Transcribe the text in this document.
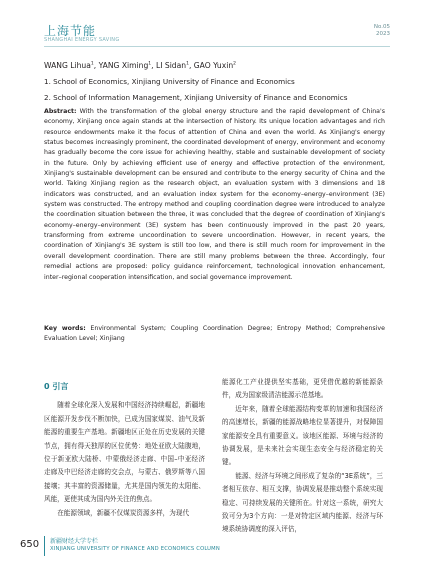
上海节能
SHANGHAI ENERGY SAVING
No.05
2023
WANG Lihua$^1$, YANG Ximing$^1$, LI Sidan$^1$, GAO Yuxin$^2$
1. School of Economics, Xinjiang University of Finance and Economics
2. School of Information Management, Xinjiang University of Finance and Economics
Abstract: With the transformation of the global energy structure and the rapid development of China's economy, Xinjiang once again stands at the intersection of history. Its unique location advantages and rich resource endowments make it the focus of attention of China and even the world. As Xinjiang's energy status becomes increasingly prominent, the coordinated development of energy, environment and economy has gradually become the core issue for achieving healthy, stable and sustainable development of society in the future. Only by achieving efficient use of energy and effective protection of the environment, Xinjiang's sustainable development can be ensured and contribute to the energy security of China and the world. Taking Xinjiang region as the research object, an evaluation system with 3 dimensions and 18 indicators was constructed, and an evaluation index system for the economy–energy–environment (3E) system was constructed. The entropy method and coupling coordination degree were introduced to analyze the coordination situation between the three, it was concluded that the degree of coordination of Xinjiang's economy–energy–environment (3E) system has been continuously improved in the past 20 years, transforming from extreme uncoordination to severe uncoordination. However, in recent years, the coordination of Xinjiang's 3E system is still too low, and there is still much room for improvement in the overall development coordination. There are still many problems between the three. Accordingly, four remedial actions are proposed: policy guidance reinforcement, technological innovation enhancement, inter–regional cooperation intensification, and social governance improvement.
Key words: Environmental System; Coupling Coordination Degree; Entropy Method; Comprehensive Evaluation Level; Xinjiang
0 引言

随着全球化深入发展和中国经济持续崛起，新疆地区能源开发步伐不断加快，已成为国家煤炭、油气及新能源的重要生产基地。新疆地区正处在历史发展的关键节点，拥有得天独厚的区位优势：地处亚欧大陆腹地，位于新亚欧大陆桥、中蒙俄经济走廊、中国–中亚经济走廊及中巴经济走廊的交会点，与蒙古、俄罗斯等八国接壤；其丰富的资源储量，尤其是国内领先的太阳能、风能，更使其成为国内外关注的焦点。

在能源领域，新疆不仅煤炭资源多样，为现代

能源化工产业提供坚实基础，更凭借优越的新能源条件，成为国家级清洁能源示范基地。

近年来，随着全球能源结构变革的加速和我国经济的高速增长，新疆的能源战略地位显著提升，对保障国家能源安全具有重要意义。该地区能源、环境与经济的协调发展，是未来社会实现生态安全与经济稳定的关键。

能源、经济与环境之间形成了复杂的“3E系统”，三者相互依存、相互支撑，协调发展是推动整个系统实现稳定、可持续发展的关键所在。针对这一系统，研究大致可分为3个方向：一是对特定区域内能源、经济与环境系统协调度的深入评估，

650 新疆财经大学专栏
XINJIANG UNIVERSITY OF FINANCE AND ECONOMICS COLUMN
